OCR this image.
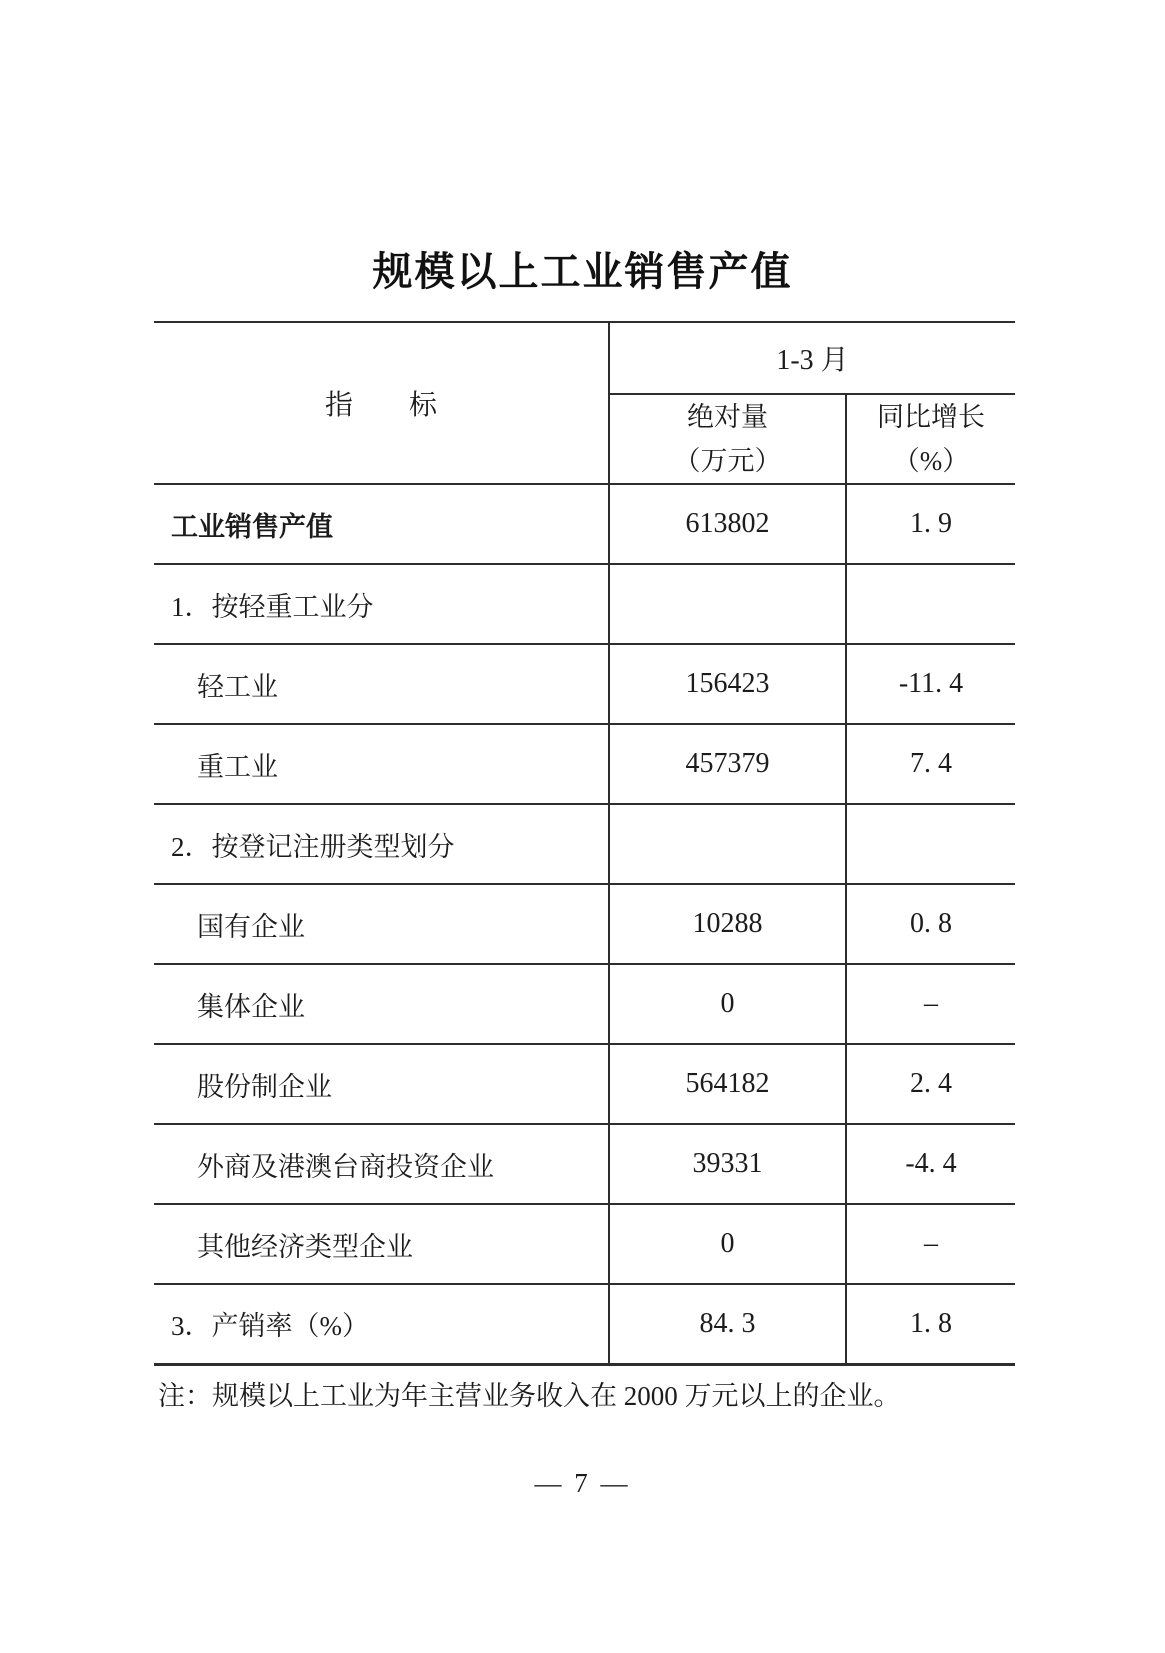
规模以上工业销售产值
指　　标	1-3 月	

绝对量
（万元）

同比增长
（%）

工业销售产值	613802	1. 9
1．按轻重工业分		
轻工业	156423	-11. 4
重工业	457379	7. 4
2．按登记注册类型划分		
国有企业	10288	0. 8
集体企业	0	–
股份制企业	564182	2. 4
外商及港澳台商投资企业	39331	-4. 4
其他经济类型企业	0	–
3．产销率（%）	84. 3	1. 8
注：规模以上工业为年主营业务收入在 2000 万元以上的企业。
— 7 —
